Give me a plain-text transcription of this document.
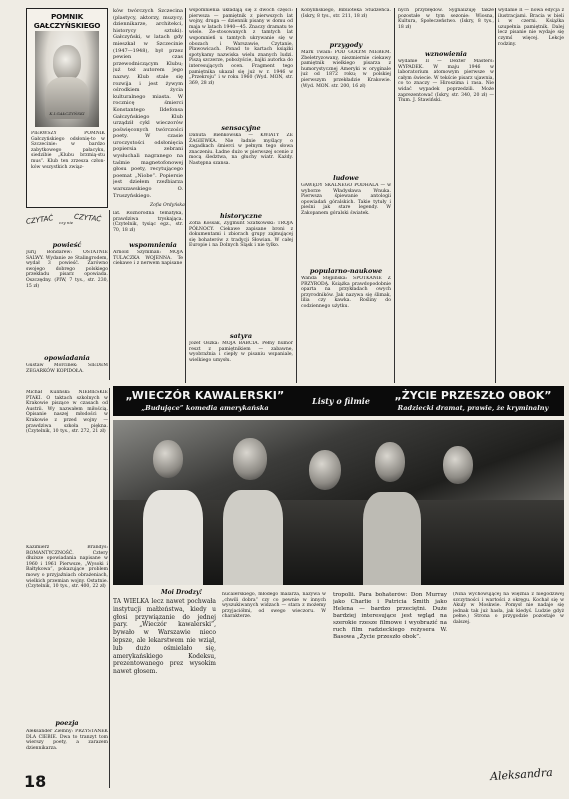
POMNIK GAŁCZYŃSKIEGO
K.I.GAŁCZYŃSKI
PIERWSZY POMNIK Gałczyńskiego odsłonię-to w Szczecinie: w bardzo zabytkowego pałacyku, siedzibie „Klubu brzmią-stu mus”. Klub ten zrzesza człon-ków wszystkich związ-
ków twórczych Szczecina (plastycy, aktorzy, muzycy, dziennikarze, architekci, historycy sztuki). Gałczyński, w latach gdy mieszkał w Szczecinie (1947—1948), był przez pewien czas przewodniczącym Klubu; już też autorem jego nazwy. Klub stale się rozwija i jest żywym ośrodkiem życia kulturalnego miasta. W rocznicę śmierci Konstantego Ildefonsa Gałczyńskiego Klub urządził cykl wieczorów poświęconych twórczości poety. W czasie uroczystości odsłonięcia popiersia zebrani wysłuchali nagranego na taśmie magnetofonowej głosu poety, recytującego poemat „Niobe”. Popiersie jest dziełem rzeźbiarza warszawskiego O. Truszyńskiego.
Zofia Ordyńska
wspomnienia układają się z dwóch części: pierwsza — pamiętnik z pierwszych lat wojny, druga — dziennik pisany w domu od maja w latach 1940—45. Znaczy dramatu te wiele. Ze-stosowanych z tamtych lat wspomnień u tamtych ukrywanie się w obozach i Warszawie, Czytanie, Pławowicach. Ponad to kartach książki spotykamy nazwiska wielu znanych ludzi. Piszą szczerze, pobożyście, bajki autorka do interesujących ocen. Fragment tego pamiętnika ukazał się już w r. 1946 w „Przekroju” i w roku 1960 (Wyd. MON, str. 369, 28 zł)
sensacyjne
Danuta Bieńkowska — KWIATY ZE ŻAGIEWKA. Nie ładnie myślący o zagadkach śmierci w pełnym tego słowa znaczeniu. Ładne dużo w pierwszej scenie z mocą śledztwa, na głuchy wiatr. Każdy. Następna szansa.
historyczne
Zofia Kossak, Zygmunt Szatkowski: TROJA PÓŁNOCY. Ciekawe zapisane broni z dokumentami i zbiorach grupy zajmującej się bohaterów z tradycji Słowian. W całej Europie i na Dolnych Śląsk i nie tylko.
satyra
Józef Oszka: MOJA BABCIA. Pełny humor reszt z pamiętnikiem — zabawne, wyobraźnia i ciepły w pisaniu wspaniale, wielkiego umysłu.
Kobylińskiego, Biblioteka Studzeńca. (Iskry, 8 tys., str. 211, 18 zł)
przygody
Mark Twain: POD GOŁYM NIEBEM. Zbeletryzowany, niezmiernie ciekawy pamiętnik wielkiego pisarza z humorystycznej Ameryki w oryginale już od 1872 roku; w polskiej pierwszym przekładzie Krakowie. (Wyd. MON. str. 200, 16 zł)
ludowe
GAWĘDY SKALNEGO PODHALA — w wyborze Władysława Wnuka. Pierwsza śpiewanie antologii opowiadań góralskich. Takie tytuły i pieśni jak stare legendy. W Zakopanem góralski światek.
popularno-naukowe
Wanda Stępińska: SPOTKANIE Z PRZYRODĄ. Książka prawdopodobnie oparta na przykładach owych przyrodników. Jak nazywa się ślimak, lilia czy kawka. Rośliny do codziennego użytku.
nych przybłędów. Sygnalizuję także pozostałe w tym sezonie: Wiosna, Kultura, Społeczeństwo. (Iskry, 8 tys., 18 zł)
wznowienia
wydanie II — Dexter Masters: WYPADEK. W maju 1946 w laboratorium atomowym pierwsze w całym świecie. W tekście pisarz ujawnia, co to znaczy — Hiroszima i rasa. Nie widać wypadek poprzedzili. Może zaprezentować (Iskry, str. 340, 20 zł) — Tłum. J. Stawiński.
wydanie II — nowa edycja z ilustracjami. Bracia w bieli i w czerni. Książka uzupełnia pamiętnik. Dalej lecz pisanie nie wydaje się czymś więcej. Lekcje rodziny.
CZYTAĆ czy nie CZYTAĆ
powieść
Jurij Bondarew: OSTATNIE SALWY. Wydanie ze Stalingrodem, wydał 3 powieść. Zarówno swojego dobrego polskiego przekładu pisarz opowiada. Oszczędny. (PIW, 7 tys., str. 230, 15 zł)
wspomnienia
lat. Różnorodna tematyka, prawdziwa tryskająca. (Czytelnik, tysiąc egz., str. 70, 18 zł)
Arnold Szymman: MOJA TULACZKA WOJENNA. Te ciekawe i z nerwem napisane
opowiadania
Gustaw Morcinek: SIEDEM ZEGARKÓW KOPIDOŁA.
„WIECZÓR KAWALERSKI”
„Budujące” komedia amerykańska
Listy o filmie	„ŻYCIE PRZESZŁO OBOK”
Radziecki dramat, prawie, że kryminalny
Michał Kuliński: NIEBIESKIE PTAKI. O taktach szkolnych w Krakowie piszące w czasach od Austrii. Wy nazwałem miłością. Opisanie naszej młodości w Krakowie z przed wojny — prawdziwa szkoła piękna. (Czytelnik, 10 tys., str. 272, 21 zł)
Kazimierz Brandys: ROMANTYCZNOŚĆ. Cztery dłuższe opowiadania napisane w 1960 i 1961 Pierwsze, „Wysoki i Bałtykowa”, pokazujące problem mowy o przyjaźniach obrażeniach, wielkich przemian wojny. Ostatnie. (Czytelnik, 10 tys., str. 400, 22 zł)
poezja
Aleksander Ziemny: PRZYSTANEK DLA CIEBIE. Dwa to tranzyt tom wierszy poety, a zarazem dziennikarza.
Moi Drodzy!
TA WIELKA lecz nawet pochwała instytucji małżeństwa, kiedy u głosi przywiązanie do jednej pary. „Wieczór kawalerski”, bywało w Warszawie nieco lepsze, ale lekarstwem nie wziął, lub dużo ośmielało się, amerykańskiego Kodeksu, prezentowanego prez wysokim nawet głosem.
hucalerskiego, młodego malarza, nazywa w „chwili dobra” czy co pewnie w innych wyszukiwanych widzach — stara z możemy przyjaciółmi, od swego wieczoru. W charakterze.
tropolii. Para bohaterów: Don Murray jako Charlie i Patricia Smith jako Helena — bardzo przeciętni. Duże bardziej interesujące jest wgląd na szerokie rzesze filmowe i wyobrazić na ruch film radzieckiego reżysera W. Basowa „Życie przeszło obok”.
(Nina wychowującej na więźnia z niegodziwej szczytności i wartości z okręgu. Kochał się w Akuly w Moskwie. Pomysł nie nadaje się jednak tak już hasła, jak kiedyś. Ludzie gdyż pełne.) Strona o przygodzie pozostaje w dalszej.
Aleksandra
18
